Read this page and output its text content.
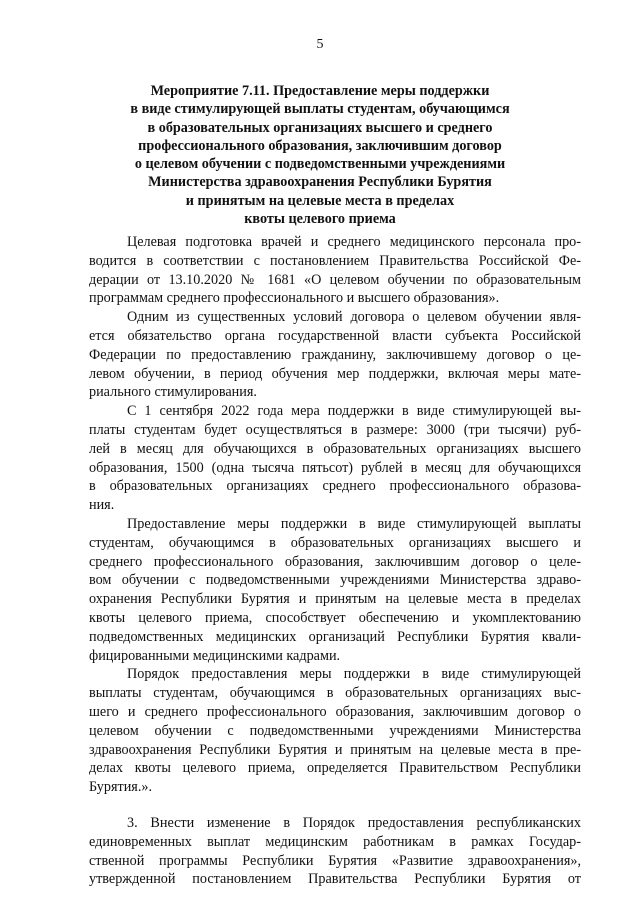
5
Мероприятие 7.11. Предоставление меры поддержки
в виде стимулирующей выплаты студентам, обучающимся
в образовательных организациях высшего и среднего
профессионального образования, заключившим договор
о целевом обучении с подведомственными учреждениями
Министерства здравоохранения Республики Бурятия
и принятым на целевые места в пределах
квоты целевого приема
Целевая подготовка врачей и среднего медицинского персонала про-
водится в соответствии с постановлением Правительства Российской Фе-
дерации от 13.10.2020 № 1681 «О целевом обучении по образовательным
программам среднего профессионального и высшего образования».
Одним из существенных условий договора о целевом обучении явля-
ется обязательство органа государственной власти субъекта Российской
Федерации по предоставлению гражданину, заключившему договор о це-
левом обучении, в период обучения мер поддержки, включая меры мате-
риального стимулирования.
С 1 сентября 2022 года мера поддержки в виде стимулирующей вы-
платы студентам будет осуществляться в размере: 3000 (три тысячи) руб-
лей в месяц для обучающихся в образовательных организациях высшего
образования, 1500 (одна тысяча пятьсот) рублей в месяц для обучающихся
в образовательных организациях среднего профессионального образова-
ния.
Предоставление меры поддержки в виде стимулирующей выплаты
студентам, обучающимся в образовательных организациях высшего и
среднего профессионального образования, заключившим договор о целе-
вом обучении с подведомственными учреждениями Министерства здраво-
охранения Республики Бурятия и принятым на целевые места в пределах
квоты целевого приема, способствует обеспечению и укомплектованию
подведомственных медицинских организаций Республики Бурятия квали-
фицированными медицинскими кадрами.
Порядок предоставления меры поддержки в виде стимулирующей
выплаты студентам, обучающимся в образовательных организациях выс-
шего и среднего профессионального образования, заключившим договор о
целевом обучении с подведомственными учреждениями Министерства
здравоохранения Республики Бурятия и принятым на целевые места в пре-
делах квоты целевого приема, определяется Правительством Республики
Бурятия.».
3. Внести изменение в Порядок предоставления республиканских
единовременных выплат медицинским работникам в рамках Государ-
ственной программы Республики Бурятия «Развитие здравоохранения»,
утвержденной постановлением Правительства Республики Бурятия от
